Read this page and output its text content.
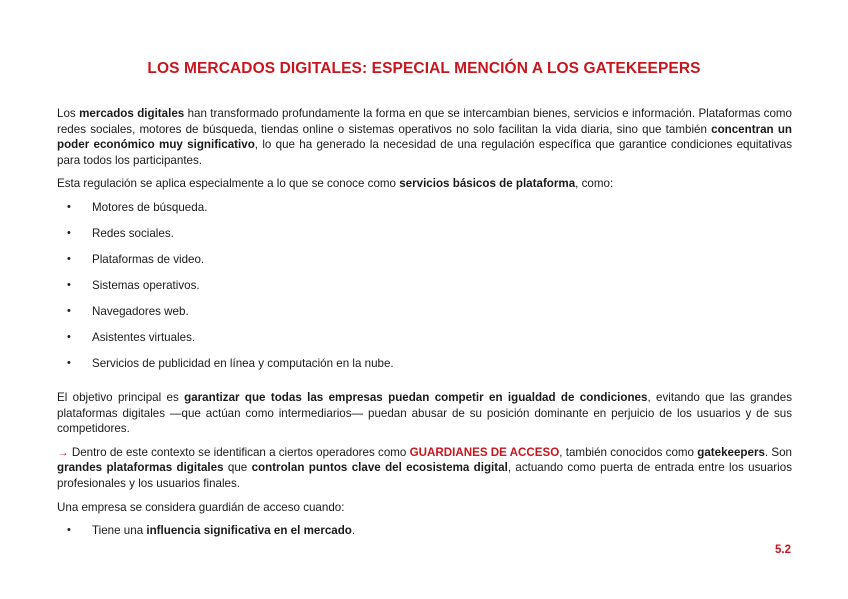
LOS MERCADOS DIGITALES: ESPECIAL MENCIÓN A LOS GATEKEEPERS

Los mercados digitales han transformado profundamente la forma en que se intercambian bienes, servicios e información. Plataformas como redes sociales, motores de búsqueda, tiendas online o sistemas operativos no solo facilitan la vida diaria, sino que también concentran un poder económico muy significativo, lo que ha generado la necesidad de una regulación específica que garantice condiciones equitativas para todos los participantes.

Esta regulación se aplica especialmente a lo que se conoce como servicios básicos de plataforma, como:

• Motores de búsqueda.
• Redes sociales.
• Plataformas de video.
• Sistemas operativos.
• Navegadores web.
• Asistentes virtuales.
• Servicios de publicidad en línea y computación en la nube.

El objetivo principal es garantizar que todas las empresas puedan competir en igualdad de condiciones, evitando que las grandes plataformas digitales —que actúan como intermediarios— puedan abusar de su posición dominante en perjuicio de los usuarios y de sus competidores.

→ Dentro de este contexto se identifican a ciertos operadores como GUARDIANES DE ACCESO, también conocidos como gatekeepers. Son grandes plataformas digitales que controlan puntos clave del ecosistema digital, actuando como puerta de entrada entre los usuarios profesionales y los usuarios finales.

Una empresa se considera guardián de acceso cuando:

• Tiene una influencia significativa en el mercado.
5.2
